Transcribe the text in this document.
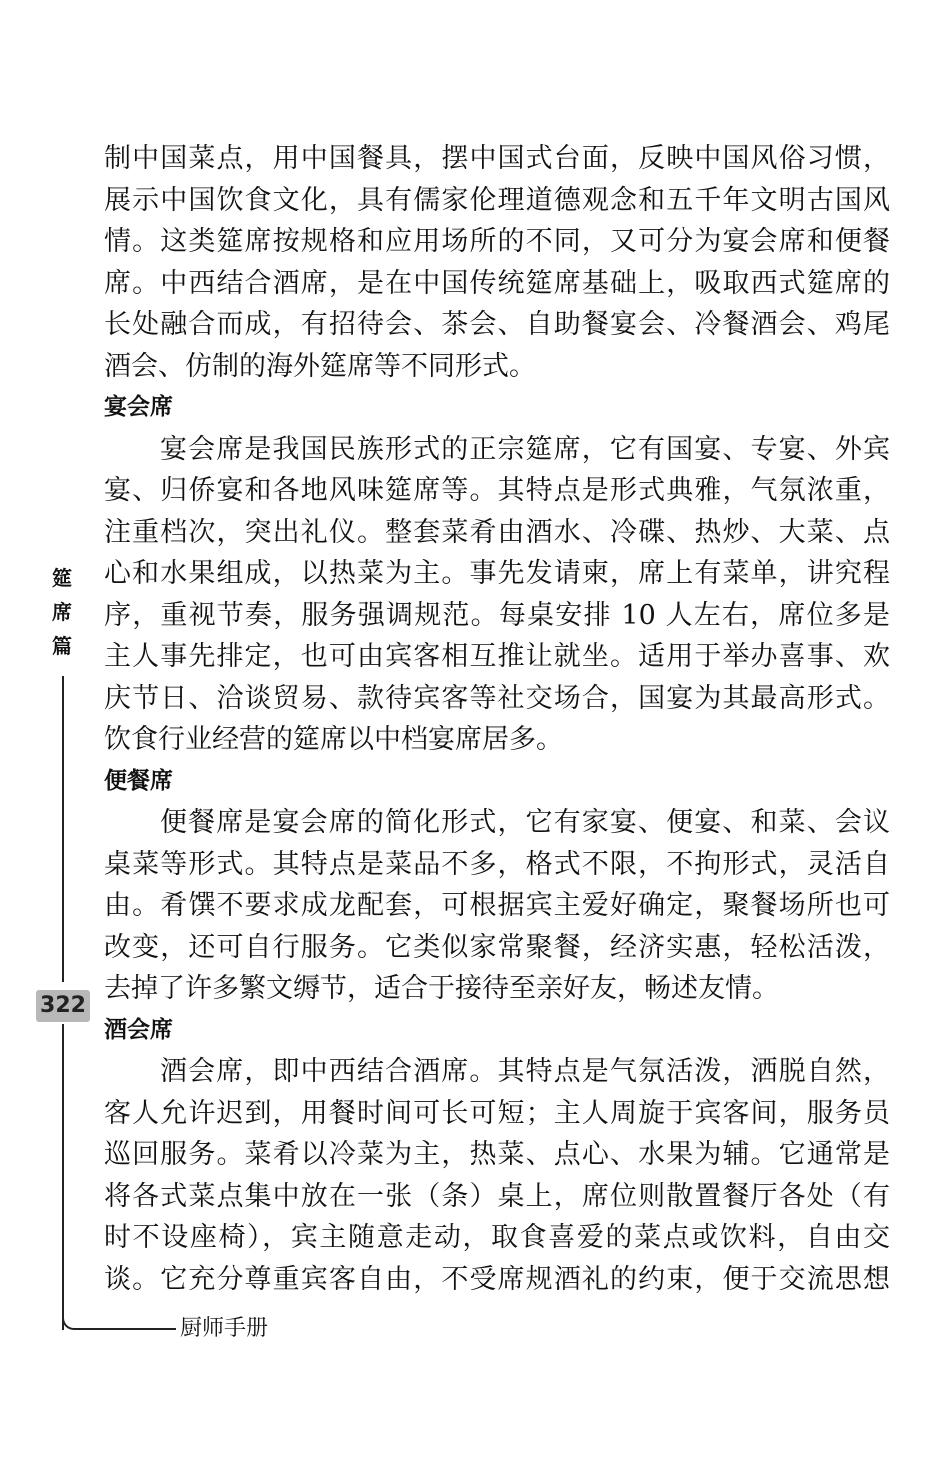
制中国菜点，用中国餐具，摆中国式台面，反映中国风俗习惯，
展示中国饮食文化，具有儒家伦理道德观念和五千年文明古国风
情。这类筵席按规格和应用场所的不同，又可分为宴会席和便餐
席。中西结合酒席，是在中国传统筵席基础上，吸取西式筵席的
长处融合而成，有招待会、茶会、自助餐宴会、冷餐酒会、鸡尾
酒会、仿制的海外筵席等不同形式。
宴会席
宴会席是我国民族形式的正宗筵席，它有国宴、专宴、外宾
宴、归侨宴和各地风味筵席等。其特点是形式典雅，气氛浓重，
注重档次，突出礼仪。整套菜肴由酒水、冷碟、热炒、大菜、点
心和水果组成，以热菜为主。事先发请柬，席上有菜单，讲究程
序，重视节奏，服务强调规范。每桌安排 10 人左右，席位多是
主人事先排定，也可由宾客相互推让就坐。适用于举办喜事、欢
庆节日、洽谈贸易、款待宾客等社交场合，国宴为其最高形式。
饮食行业经营的筵席以中档宴席居多。
便餐席
便餐席是宴会席的简化形式，它有家宴、便宴、和菜、会议
桌菜等形式。其特点是菜品不多，格式不限，不拘形式，灵活自
由。肴馔不要求成龙配套，可根据宾主爱好确定，聚餐场所也可
改变，还可自行服务。它类似家常聚餐，经济实惠，轻松活泼，
去掉了许多繁文缛节，适合于接待至亲好友，畅述友情。
酒会席
酒会席，即中西结合酒席。其特点是气氛活泼，洒脱自然，
客人允许迟到，用餐时间可长可短；主人周旋于宾客间，服务员
巡回服务。菜肴以冷菜为主，热菜、点心、水果为辅。它通常是
将各式菜点集中放在一张（条）桌上，席位则散置餐厅各处（有
时不设座椅），宾主随意走动，取食喜爱的菜点或饮料，自由交
谈。它充分尊重宾客自由，不受席规酒礼的约束，便于交流思想
筵
席
篇
322
厨师手册
